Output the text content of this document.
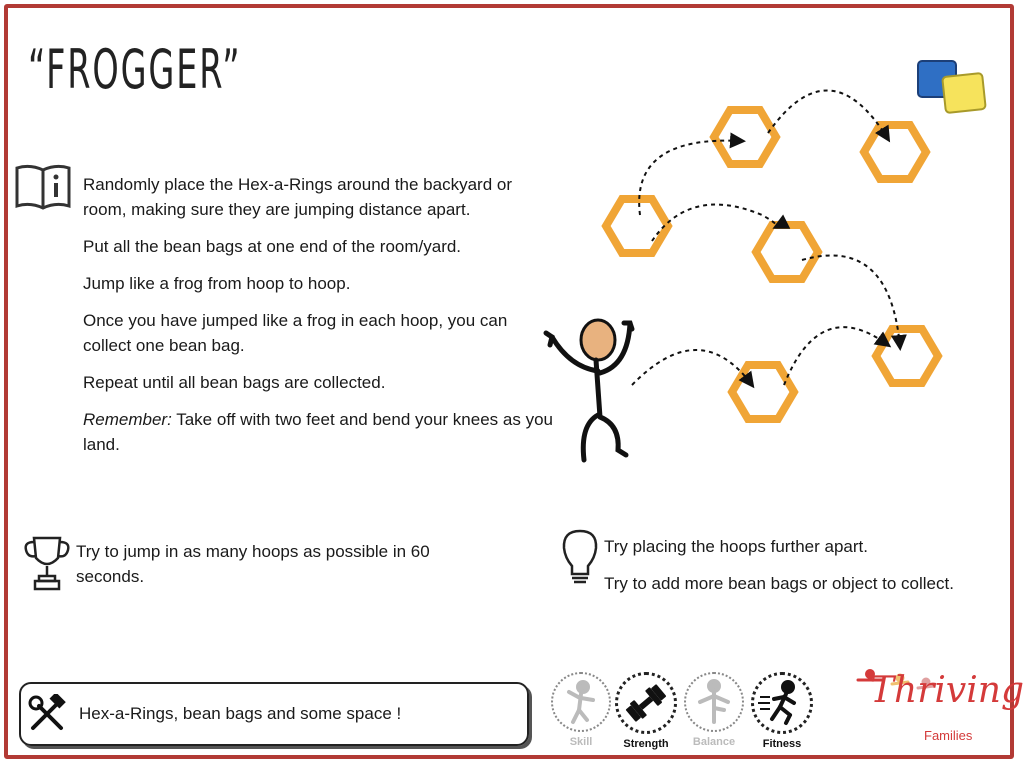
“FROGGER”

Randomly place the Hex-a-Rings around the backyard or room, making sure they are jumping distance apart.

Put all the bean bags at one end of the room/yard.

Jump like a frog from hoop to hoop.

Once you have jumped like a frog in each hoop, you can collect one bean bag.

Repeat until all bean bags are collected.

Remember: Take off with two feet and bend your knees as you land.

Try to jump in as many hoops as possible in 60 seconds.

Try placing the hoops further apart.

Try to add more bean bags or object to collect.

Hex-a-Rings, bean bags and some space !
Skill	Strength	Balance	Fitness
Thriving
Families
